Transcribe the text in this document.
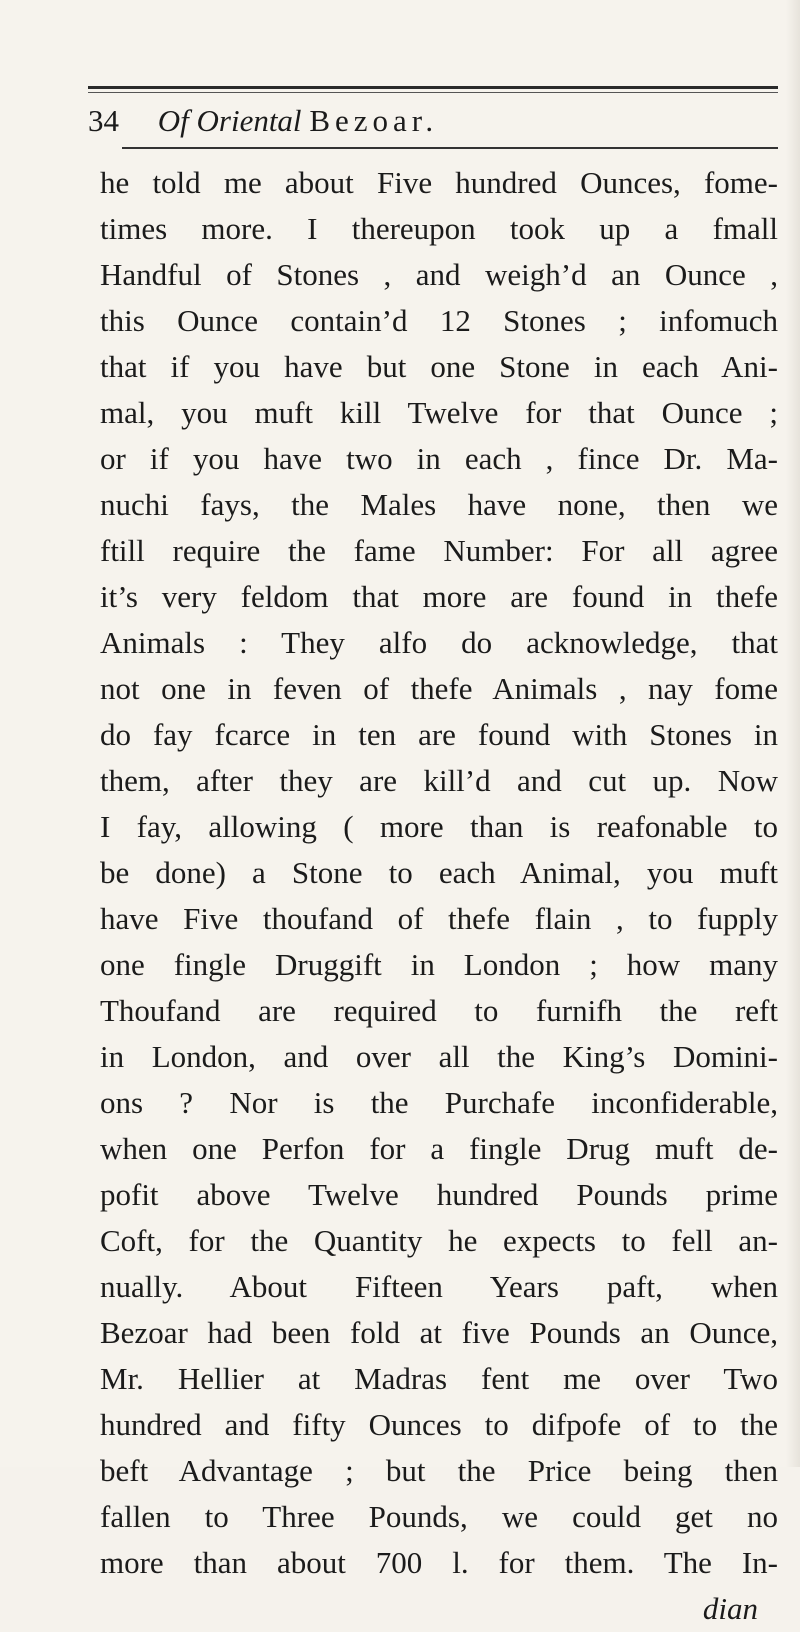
34 Of Oriental Bezoar.
he told me about Five hundred Ounces, fome-
times more. I thereupon took up a fmall
Handful of Stones , and weigh’d an Ounce ,
this Ounce contain’d 12 Stones ; infomuch
that if you have but one Stone in each Ani-
mal, you muft kill Twelve for that Ounce ;
or if you have two in each , fince Dr. Ma-
nuchi fays, the Males have none, then we
ftill require the fame Number: For all agree
it’s very feldom that more are found in thefe
Animals : They alfo do acknowledge, that
not one in feven of thefe Animals , nay fome
do fay fcarce in ten are found with Stones in
them, after they are kill’d and cut up. Now
I fay, allowing ( more than is reafonable to
be done) a Stone to each Animal, you muft
have Five thoufand of thefe flain , to fupply
one fingle Druggift in London ; how many
Thoufand are required to furnifh the reft
in London, and over all the King’s Domini-
ons ? Nor is the Purchafe inconfiderable,
when one Perfon for a fingle Drug muft de-
pofit above Twelve hundred Pounds prime
Coft, for the Quantity he expects to fell an-
nually. About Fifteen Years paft, when
Bezoar had been fold at five Pounds an Ounce,
Mr. Hellier at Madras fent me over Two
hundred and fifty Ounces to difpofe of to the
beft Advantage ; but the Price being then
fallen to Three Pounds, we could get no
more than about 700 l. for them. The In-
dian
